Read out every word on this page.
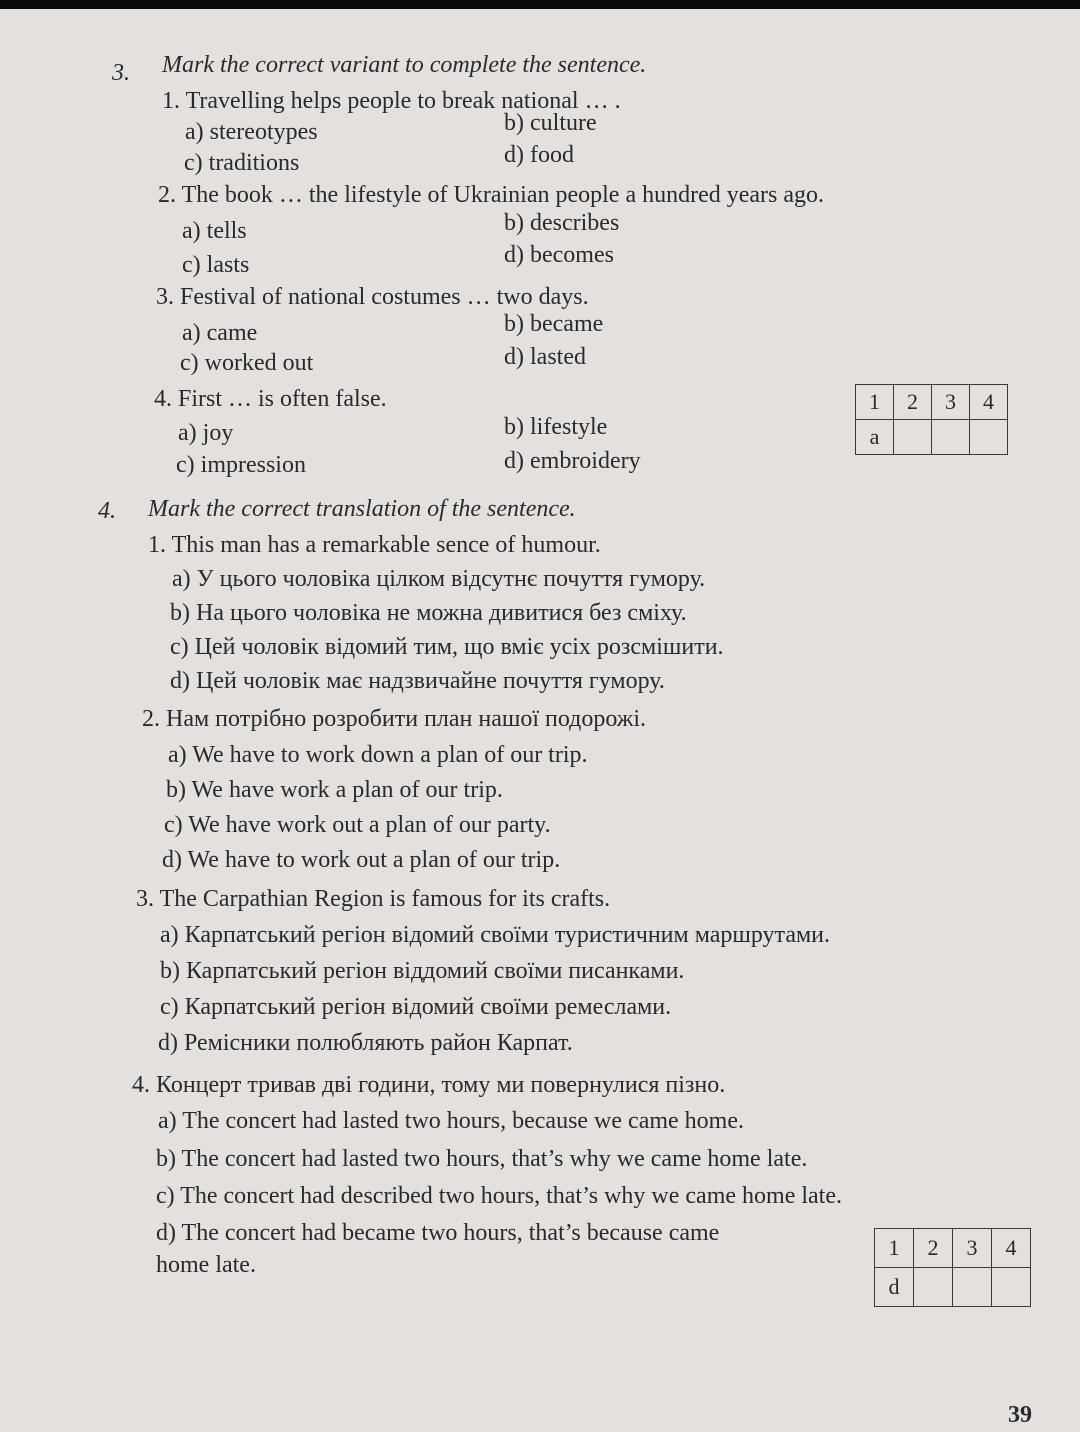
3. Mark the correct variant to complete the sentence.
1. Travelling helps people to break national … .
a) stereotypes	b) culture
c) traditions	d) food
2. The book … the lifestyle of Ukrainian people a hundred years ago.
a) tells	b) describes
c) lasts	d) becomes
3. Festival of national costumes … two days.
a) came	b) became
c) worked out	d) lasted
4. First … is often false.
a) joy	b) lifestyle
c) impression	d) embroidery
1	2	3	4
a			
4. Mark the correct translation of the sentence.
1. This man has a remarkable sence of humour.
a) У цього чоловіка цілком відсутнє почуття гумору.
b) На цього чоловіка не можна дивитися без сміху.
c) Цей чоловік відомий тим, що вміє усіх розсмішити.
d) Цей чоловік має надзвичайне почуття гумору.
2. Нам потрібно розробити план нашої подорожі.
a) We have to work down a plan of our trip.
b) We have work a plan of our trip.
c) We have work out a plan of our party.
d) We have to work out a plan of our trip.
3. The Carpathian Region is famous for its crafts.
a) Карпатський регіон відомий своїми туристичним маршрутами.
b) Карпатський регіон віддомий своїми писанками.
c) Карпатський регіон відомий своїми ремеслами.
d) Ремісники полюбляють район Карпат.
4. Концерт тривав дві години, тому ми повернулися пізно.
a) The concert had lasted two hours, because we came home.
b) The concert had lasted two hours, that’s why we came home late.
c) The concert had described two hours, that’s why we came home late.
d) The concert had became two hours, that’s because came
home late.
1	2	3	4
d			
39
